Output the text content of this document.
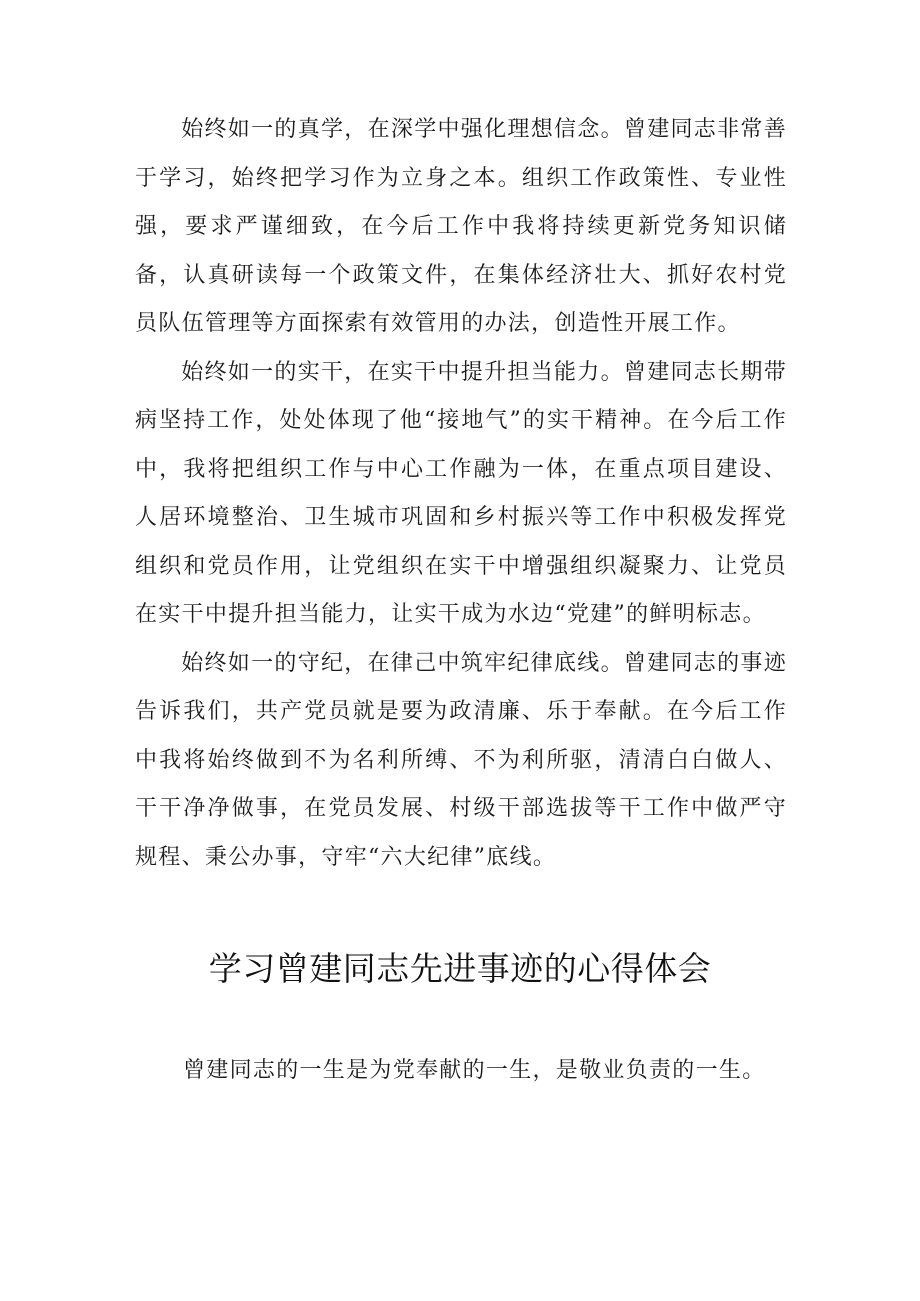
始终如一的真学，在深学中强化理想信念。曾建同志非常善于学习，始终把学习作为立身之本。组织工作政策性、专业性强，要求严谨细致，在今后工作中我将持续更新党务知识储备，认真研读每一个政策文件，在集体经济壮大、抓好农村党员队伍管理等方面探索有效管用的办法，创造性开展工作。

始终如一的实干，在实干中提升担当能力。曾建同志长期带病坚持工作，处处体现了他“接地气”的实干精神。在今后工作中，我将把组织工作与中心工作融为一体，在重点项目建设、人居环境整治、卫生城市巩固和乡村振兴等工作中积极发挥党组织和党员作用，让党组织在实干中增强组织凝聚力、让党员在实干中提升担当能力，让实干成为水边“党建”的鲜明标志。

始终如一的守纪，在律己中筑牢纪律底线。曾建同志的事迹告诉我们，共产党员就是要为政清廉、乐于奉献。在今后工作中我将始终做到不为名利所缚、不为利所驱，清清白白做人、干干净净做事，在党员发展、村级干部选拔等干工作中做严守规程、秉公办事，守牢“六大纪律”底线。

学习曾建同志先进事迹的心得体会

曾建同志的一生是为党奉献的一生，是敬业负责的一生。
